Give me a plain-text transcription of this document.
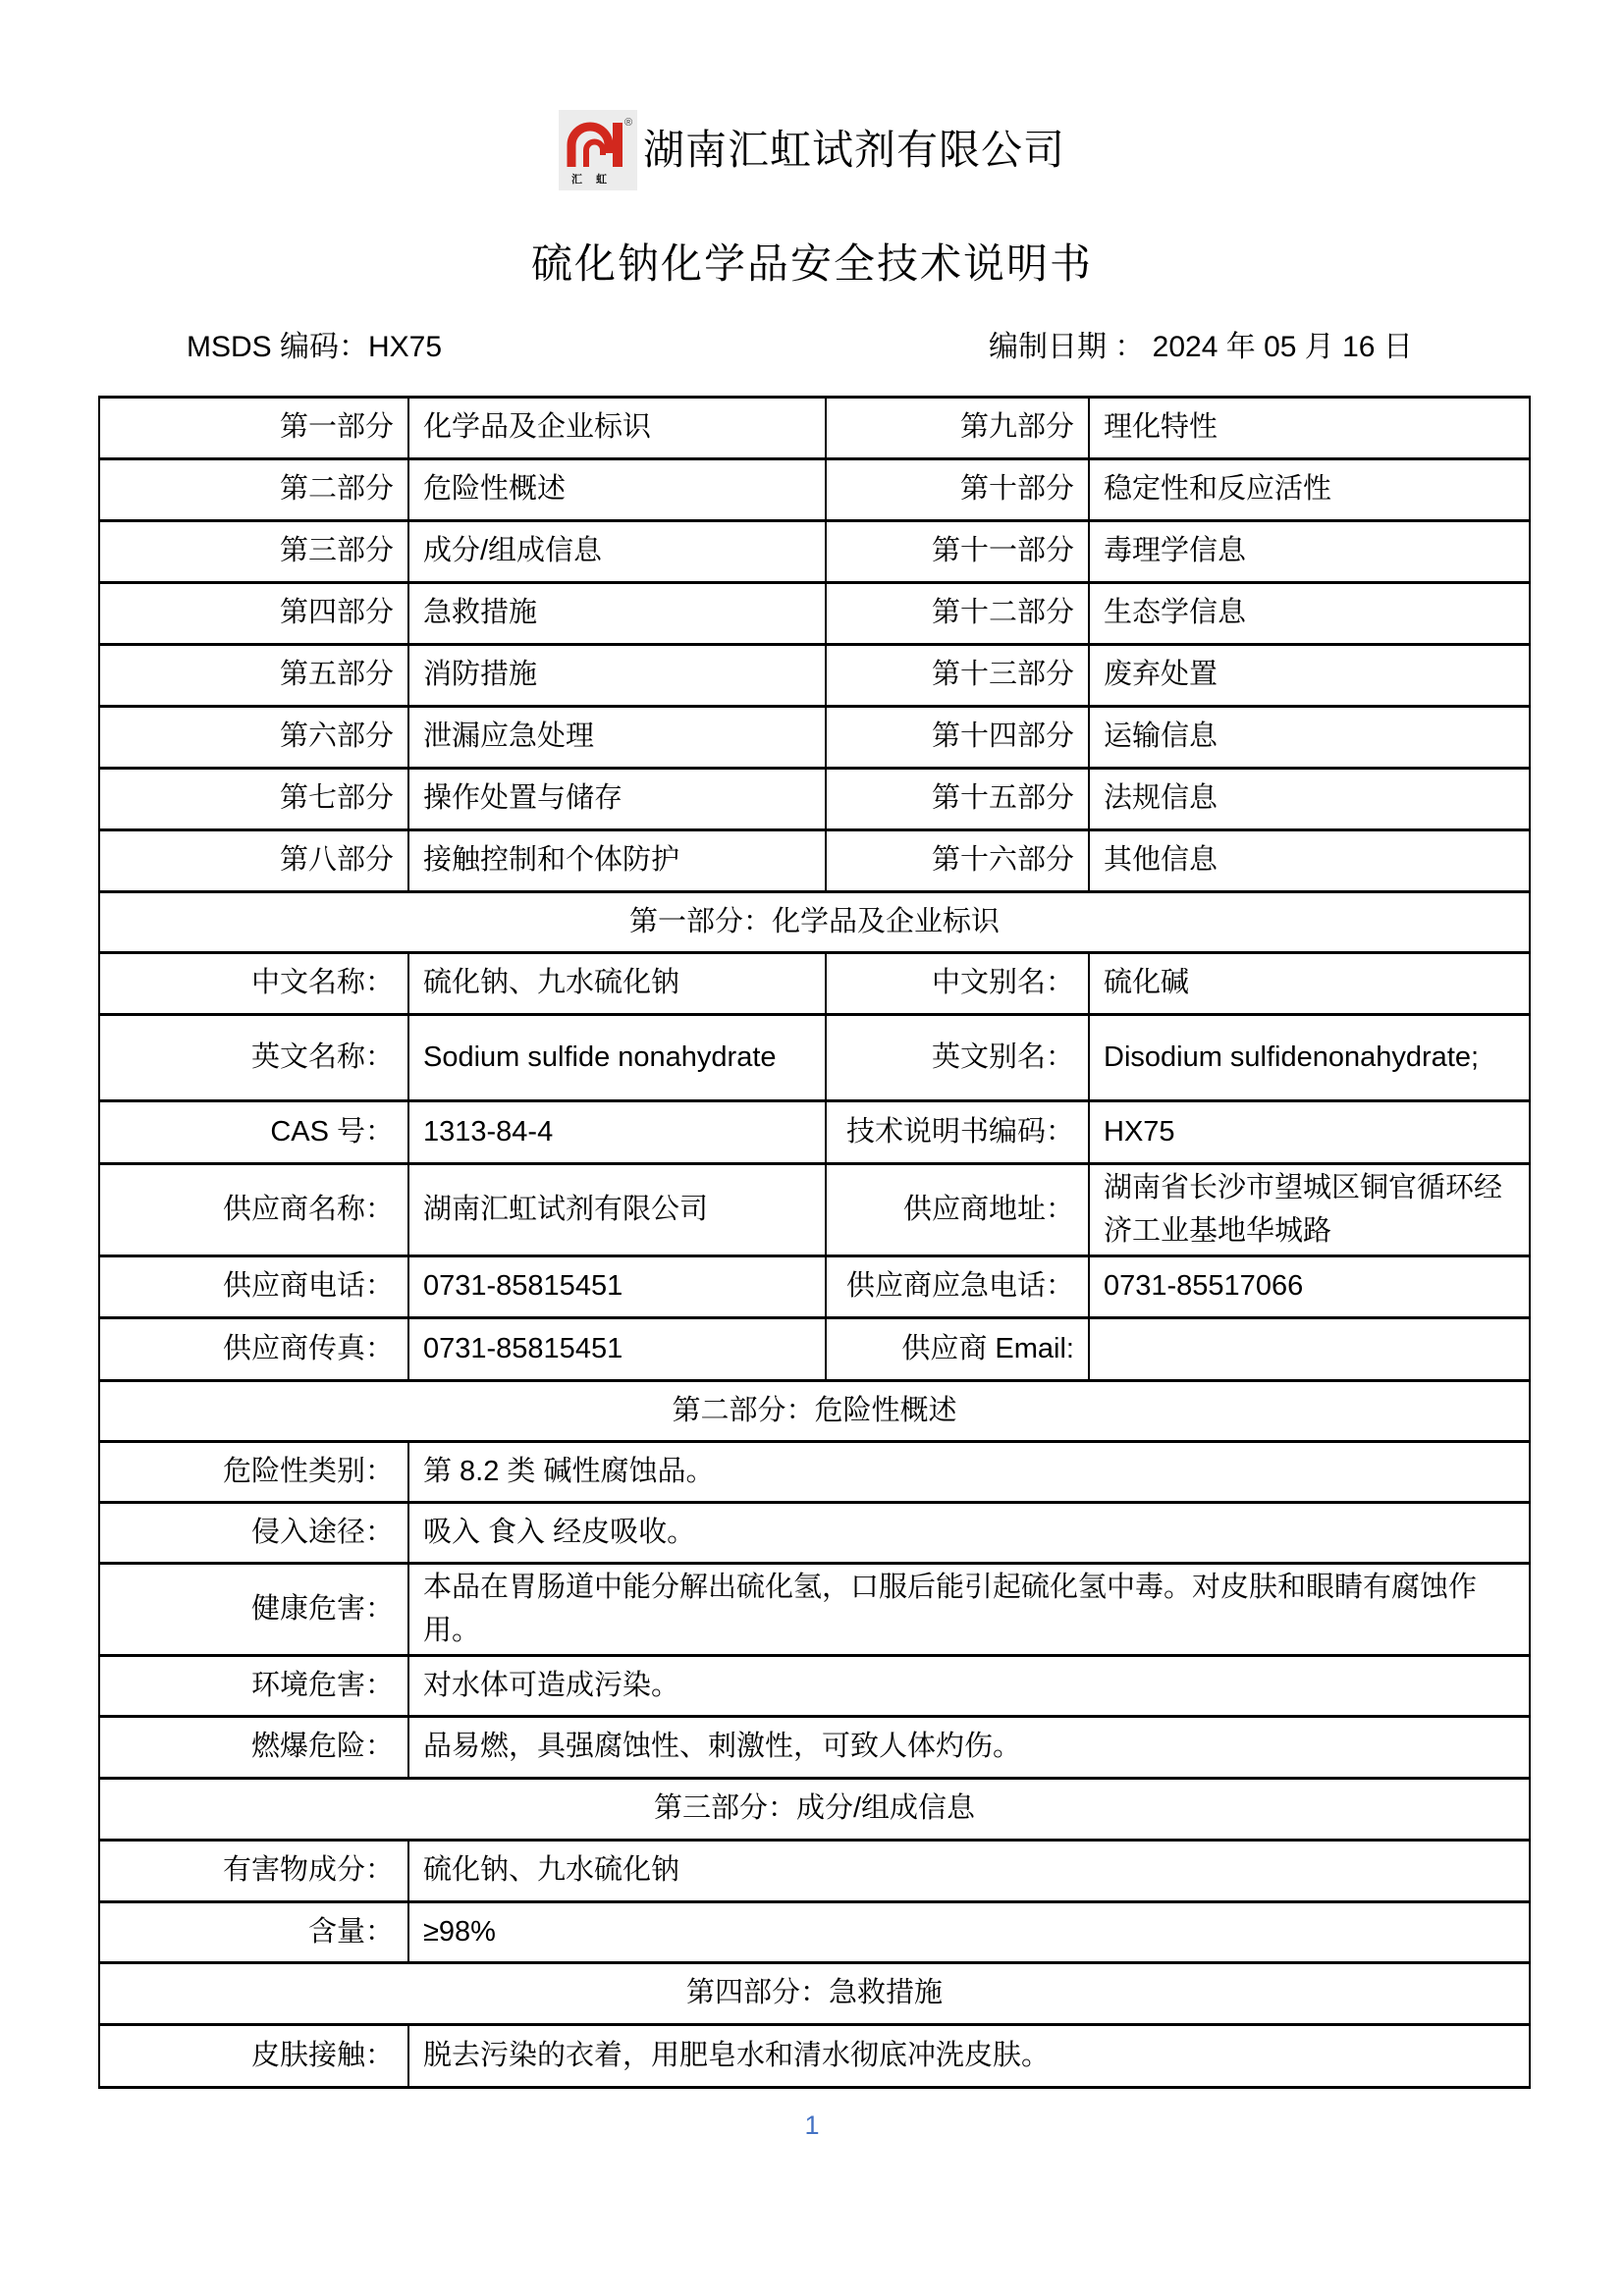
®
汇虹
湖南汇虹试剂有限公司
硫化钠化学品安全技术说明书
MSDS 编码：HX75	编制日期 ： 2024 年 05 月 16 日
第一部分	化学品及企业标识	第九部分	理化特性
第二部分	危险性概述	第十部分	稳定性和反应活性
第三部分	成分/组成信息	第十一部分	毒理学信息
第四部分	急救措施	第十二部分	生态学信息
第五部分	消防措施	第十三部分	废弃处置
第六部分	泄漏应急处理	第十四部分	运输信息
第七部分	操作处置与储存	第十五部分	法规信息
第八部分	接触控制和个体防护	第十六部分	其他信息
第一部分：化学品及企业标识			
中文名称：	硫化钠、九水硫化钠	中文别名：	硫化碱
英文名称：	Sodium sulfide nonahydrate	英文别名：	Disodium sulfidenonahydrate;
CAS 号：	1313-84-4	技术说明书编码：	HX75
供应商名称：	湖南汇虹试剂有限公司	供应商地址：	湖南省长沙市望城区铜官循环经济工业基地华城路
供应商电话：	0731-85815451	供应商应急电话：	0731-85517066
供应商传真：	0731-85815451	供应商 Email:	
第二部分：危险性概述			
危险性类别：	第 8.2 类 碱性腐蚀品。		
侵入途径：	吸入 食入 经皮吸收。		
健康危害：	本品在胃肠道中能分解出硫化氢，口服后能引起硫化氢中毒。对皮肤和眼睛有腐蚀作用。		
环境危害：	对水体可造成污染。		
燃爆危险：	品易燃，具强腐蚀性、刺激性，可致人体灼伤。		
第三部分：成分/组成信息			
有害物成分：	硫化钠、九水硫化钠		
含量：	≥98%		
第四部分：急救措施			
皮肤接触：	脱去污染的衣着，用肥皂水和清水彻底冲洗皮肤。		
1
